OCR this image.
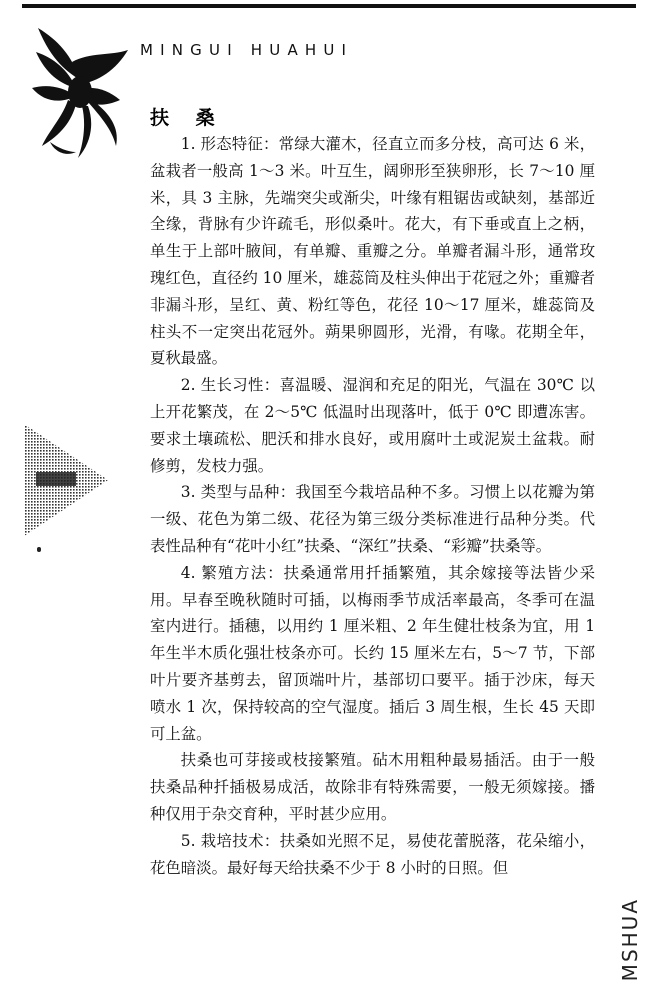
MINGUI HUAHUI
扶 桑

1. 形态特征：常绿大灌木，径直立而多分枝，高可达 6 米，盆栽者一般高 1～3 米。叶互生，阔卵形至狭卵形，长 7～10 厘米，具 3 主脉，先端突尖或渐尖，叶缘有粗锯齿或缺刻，基部近全缘，背脉有少许疏毛，形似桑叶。花大，有下垂或直上之柄，单生于上部叶腋间，有单瓣、重瓣之分。单瓣者漏斗形，通常玫瑰红色，直径约 10 厘米，雄蕊筒及柱头伸出于花冠之外；重瓣者非漏斗形，呈红、黄、粉红等色，花径 10～17 厘米，雄蕊筒及柱头不一定突出花冠外。蒴果卵圆形，光滑，有喙。花期全年，夏秋最盛。

2. 生长习性：喜温暖、湿润和充足的阳光，气温在 30℃ 以上开花繁茂，在 2～5℃ 低温时出现落叶，低于 0℃ 即遭冻害。要求土壤疏松、肥沃和排水良好，或用腐叶土或泥炭土盆栽。耐修剪，发枝力强。

3. 类型与品种：我国至今栽培品种不多。习惯上以花瓣为第一级、花色为第二级、花径为第三级分类标准进行品种分类。代表性品种有“花叶小红”扶桑、“深红”扶桑、“彩瓣”扶桑等。

4. 繁殖方法：扶桑通常用扦插繁殖，其余嫁接等法皆少采用。早春至晚秋随时可插，以梅雨季节成活率最高，冬季可在温室内进行。插穗，以用约 1 厘米粗、2 年生健壮枝条为宜，用 1 年生半木质化强壮枝条亦可。长约 15 厘米左右，5～7 节，下部叶片要齐基剪去，留顶端叶片，基部切口要平。插于沙床，每天喷水 1 次，保持较高的空气湿度。插后 3 周生根，生长 45 天即可上盆。

扶桑也可芽接或枝接繁殖。砧木用粗种最易插活。由于一般扶桑品种扦插极易成活，故除非有特殊需要，一般无须嫁接。播种仅用于杂交育种，平时甚少应用。

5. 栽培技术：扶桑如光照不足，易使花蕾脱落，花朵缩小，花色暗淡。最好每天给扶桑不少于 8 小时的日照。但

MSHUA
